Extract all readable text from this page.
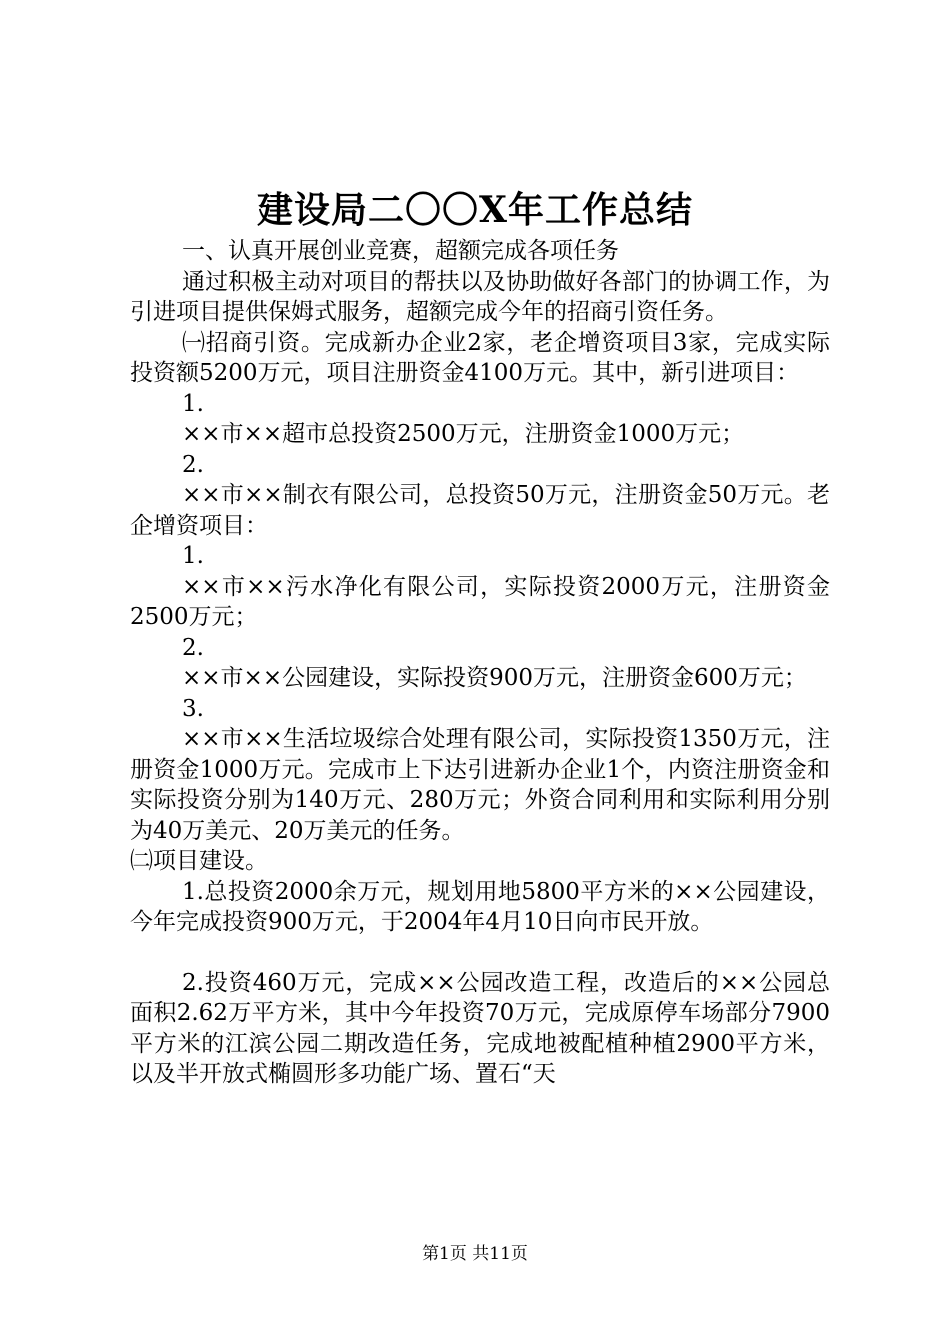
建设局二〇〇X年工作总结

一、认真开展创业竞赛，超额完成各项任务

通过积极主动对项目的帮扶以及协助做好各部门的协调工作，为引进项目提供保姆式服务，超额完成今年的招商引资任务。

㈠招商引资。完成新办企业2家，老企增资项目3家，完成实际投资额5200万元，项目注册资金4100万元。其中，新引进项目：

1.

××市××超市总投资2500万元，注册资金1000万元；

2.

××市××制衣有限公司，总投资50万元，注册资金50万元。老企增资项目：

1.

××市××污水净化有限公司，实际投资2000万元，注册资金2500万元；

2.

××市××公园建设，实际投资900万元，注册资金600万元；

3.

××市××生活垃圾综合处理有限公司，实际投资1350万元，注册资金1000万元。完成市上下达引进新办企业1个，内资注册资金和实际投资分别为140万元、280万元；外资合同利用和实际利用分别为40万美元、20万美元的任务。

㈡项目建设。

1.总投资2000余万元，规划用地5800平方米的××公园建设，今年完成投资900万元，于2004年4月10日向市民开放。

2.投资460万元，完成××公园改造工程，改造后的××公园总面积2.62万平方米，其中今年投资70万元，完成原停车场部分7900平方米的江滨公园二期改造任务，完成地被配植种植2900平方米，以及半开放式椭圆形多功能广场、置石“天

第1页 共11页
